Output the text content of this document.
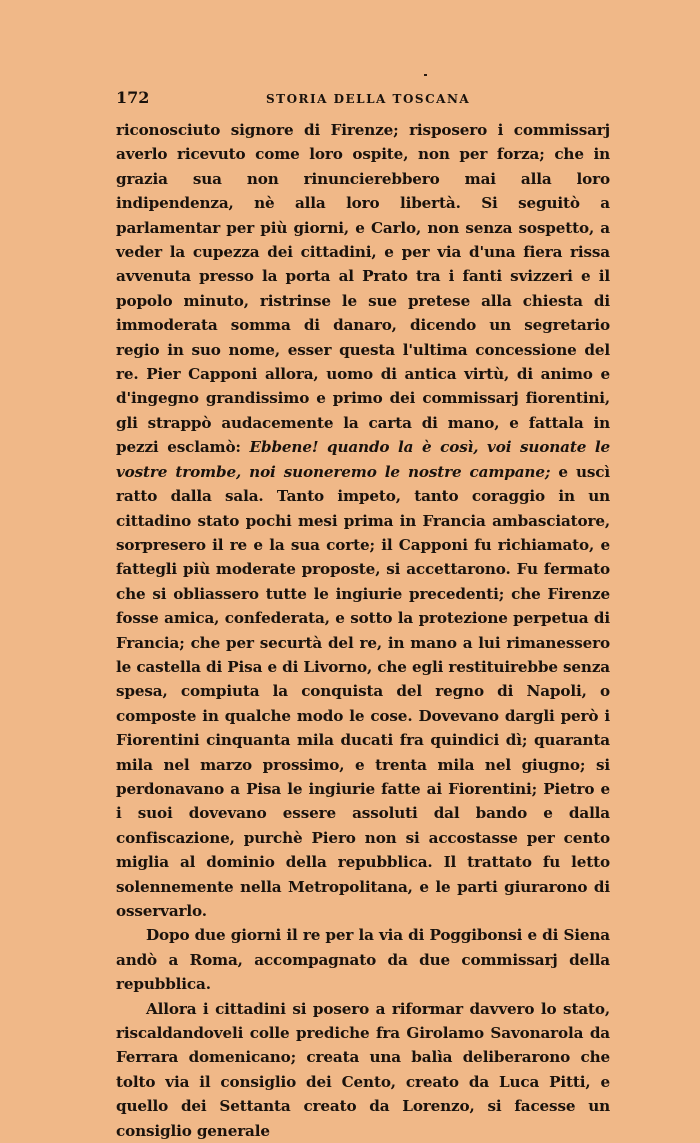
172	STORIA DELLA TOSCANA

riconosciuto signore di Firenze; risposero i commissarj averlo ricevuto come loro ospite, non per forza; che in grazia sua non rinuncierebbero mai alla loro indipendenza, nè alla loro libertà. Si seguitò a parlamentar per più giorni, e Carlo, non senza sospetto, a veder la cupezza dei cittadini, e per via d'una fiera rissa avvenuta presso la porta al Prato tra i fanti svizzeri e il popolo minuto, ristrinse le sue pretese alla chiesta di immoderata somma di danaro, dicendo un segretario regio in suo nome, esser questa l'ultima concessione del re. Pier Capponi allora, uomo di antica virtù, di animo e d'ingegno grandissimo e primo dei commissarj fiorentini, gli strappò audacemente la carta di mano, e fattala in pezzi esclamò: Ebbene! quando la è così, voi suonate le vostre trombe, noi suoneremo le nostre campane; e uscì ratto dalla sala. Tanto impeto, tanto coraggio in un cittadino stato pochi mesi prima in Francia ambasciatore, sorpresero il re e la sua corte; il Capponi fu richiamato, e fattegli più moderate proposte, si accettarono. Fu fermato che si obliassero tutte le ingiurie precedenti; che Firenze fosse amica, confederata, e sotto la protezione perpetua di Francia; che per securtà del re, in mano a lui rimanessero le castella di Pisa e di Livorno, che egli restituirebbe senza spesa, compiuta la conquista del regno di Napoli, o composte in qualche modo le cose. Dovevano dargli però i Fiorentini cinquanta mila ducati fra quindici dì; quaranta mila nel marzo prossimo, e trenta mila nel giugno; si perdonavano a Pisa le ingiurie fatte ai Fiorentini; Pietro e i suoi dovevano essere assoluti dal bando e dalla confiscazione, purchè Piero non si accostasse per cento miglia al dominio della repubblica. Il trattato fu letto solennemente nella Metropolitana, e le parti giurarono di osservarlo.

Dopo due giorni il re per la via di Poggibonsi e di Siena andò a Roma, accompagnato da due commissarj della repubblica.

Allora i cittadini si posero a riformar davvero lo stato, riscaldandoveli colle prediche fra Girolamo Savonarola da Ferrara domenicano; creata una balìa deliberarono che tolto via il consiglio dei Cento, creato da Luca Pitti, e quello dei Settanta creato da Lorenzo, si facesse un consiglio generale
